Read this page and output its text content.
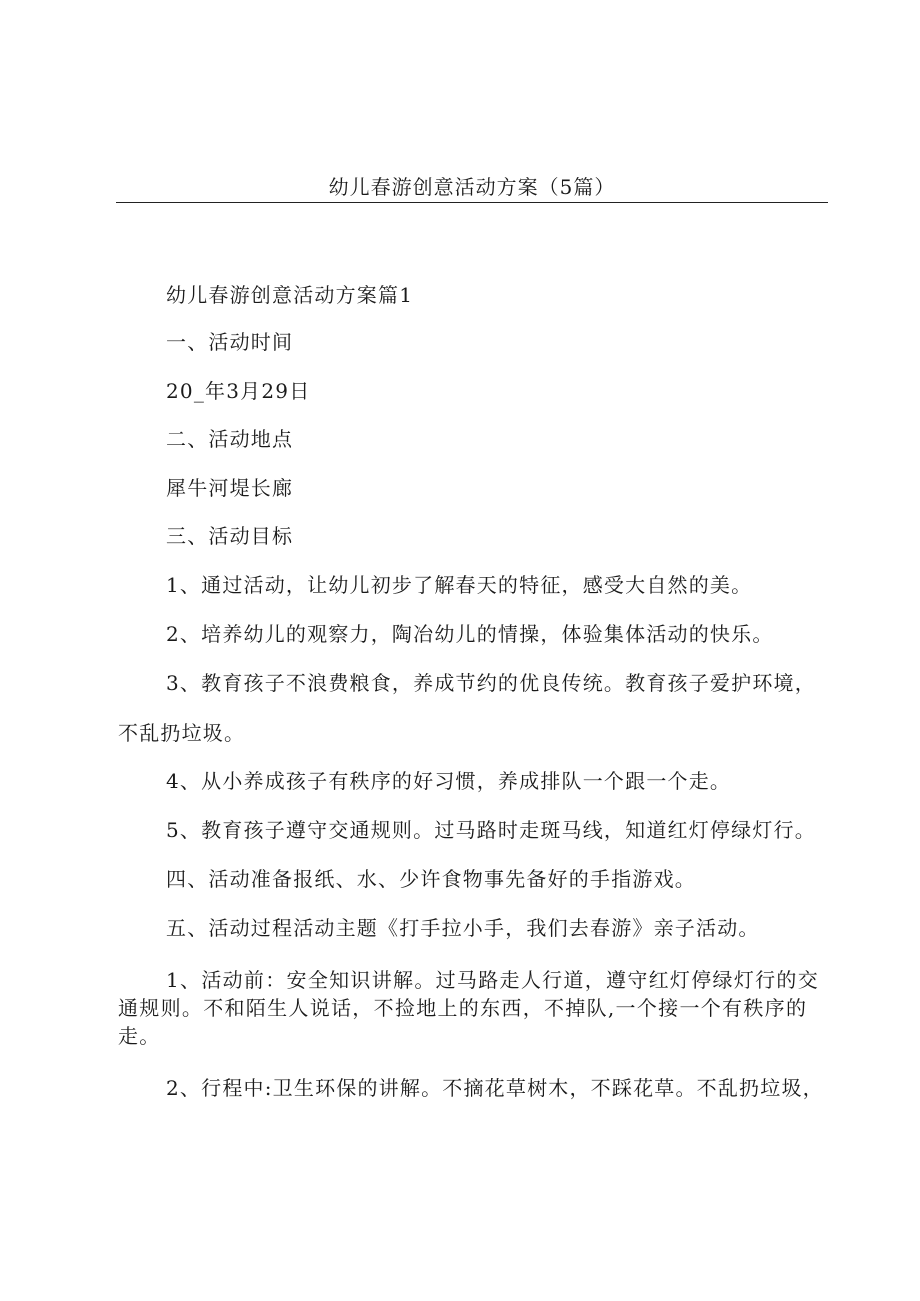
幼儿春游创意活动方案（5篇）
幼儿春游创意活动方案篇1
一、活动时间
20_年3月29日
二、活动地点
犀牛河堤长廊
三、活动目标
1、通过活动，让幼儿初步了解春天的特征，感受大自然的美。
2、培养幼儿的观察力，陶冶幼儿的情操，体验集体活动的快乐。
3、教育孩子不浪费粮食，养成节约的优良传统。教育孩子爱护环境，
不乱扔垃圾。
4、从小养成孩子有秩序的好习惯，养成排队一个跟一个走。
5、教育孩子遵守交通规则。过马路时走斑马线，知道红灯停绿灯行。
四、活动准备报纸、水、少许食物事先备好的手指游戏。
五、活动过程活动主题《打手拉小手，我们去春游》亲子活动。
1、活动前：安全知识讲解。过马路走人行道，遵守红灯停绿灯行的交通规则。不和陌生人说话，不捡地上的东西，不掉队,一个接一个有秩序的走。
2、行程中:卫生环保的讲解。不摘花草树木，不踩花草。不乱扔垃圾，
